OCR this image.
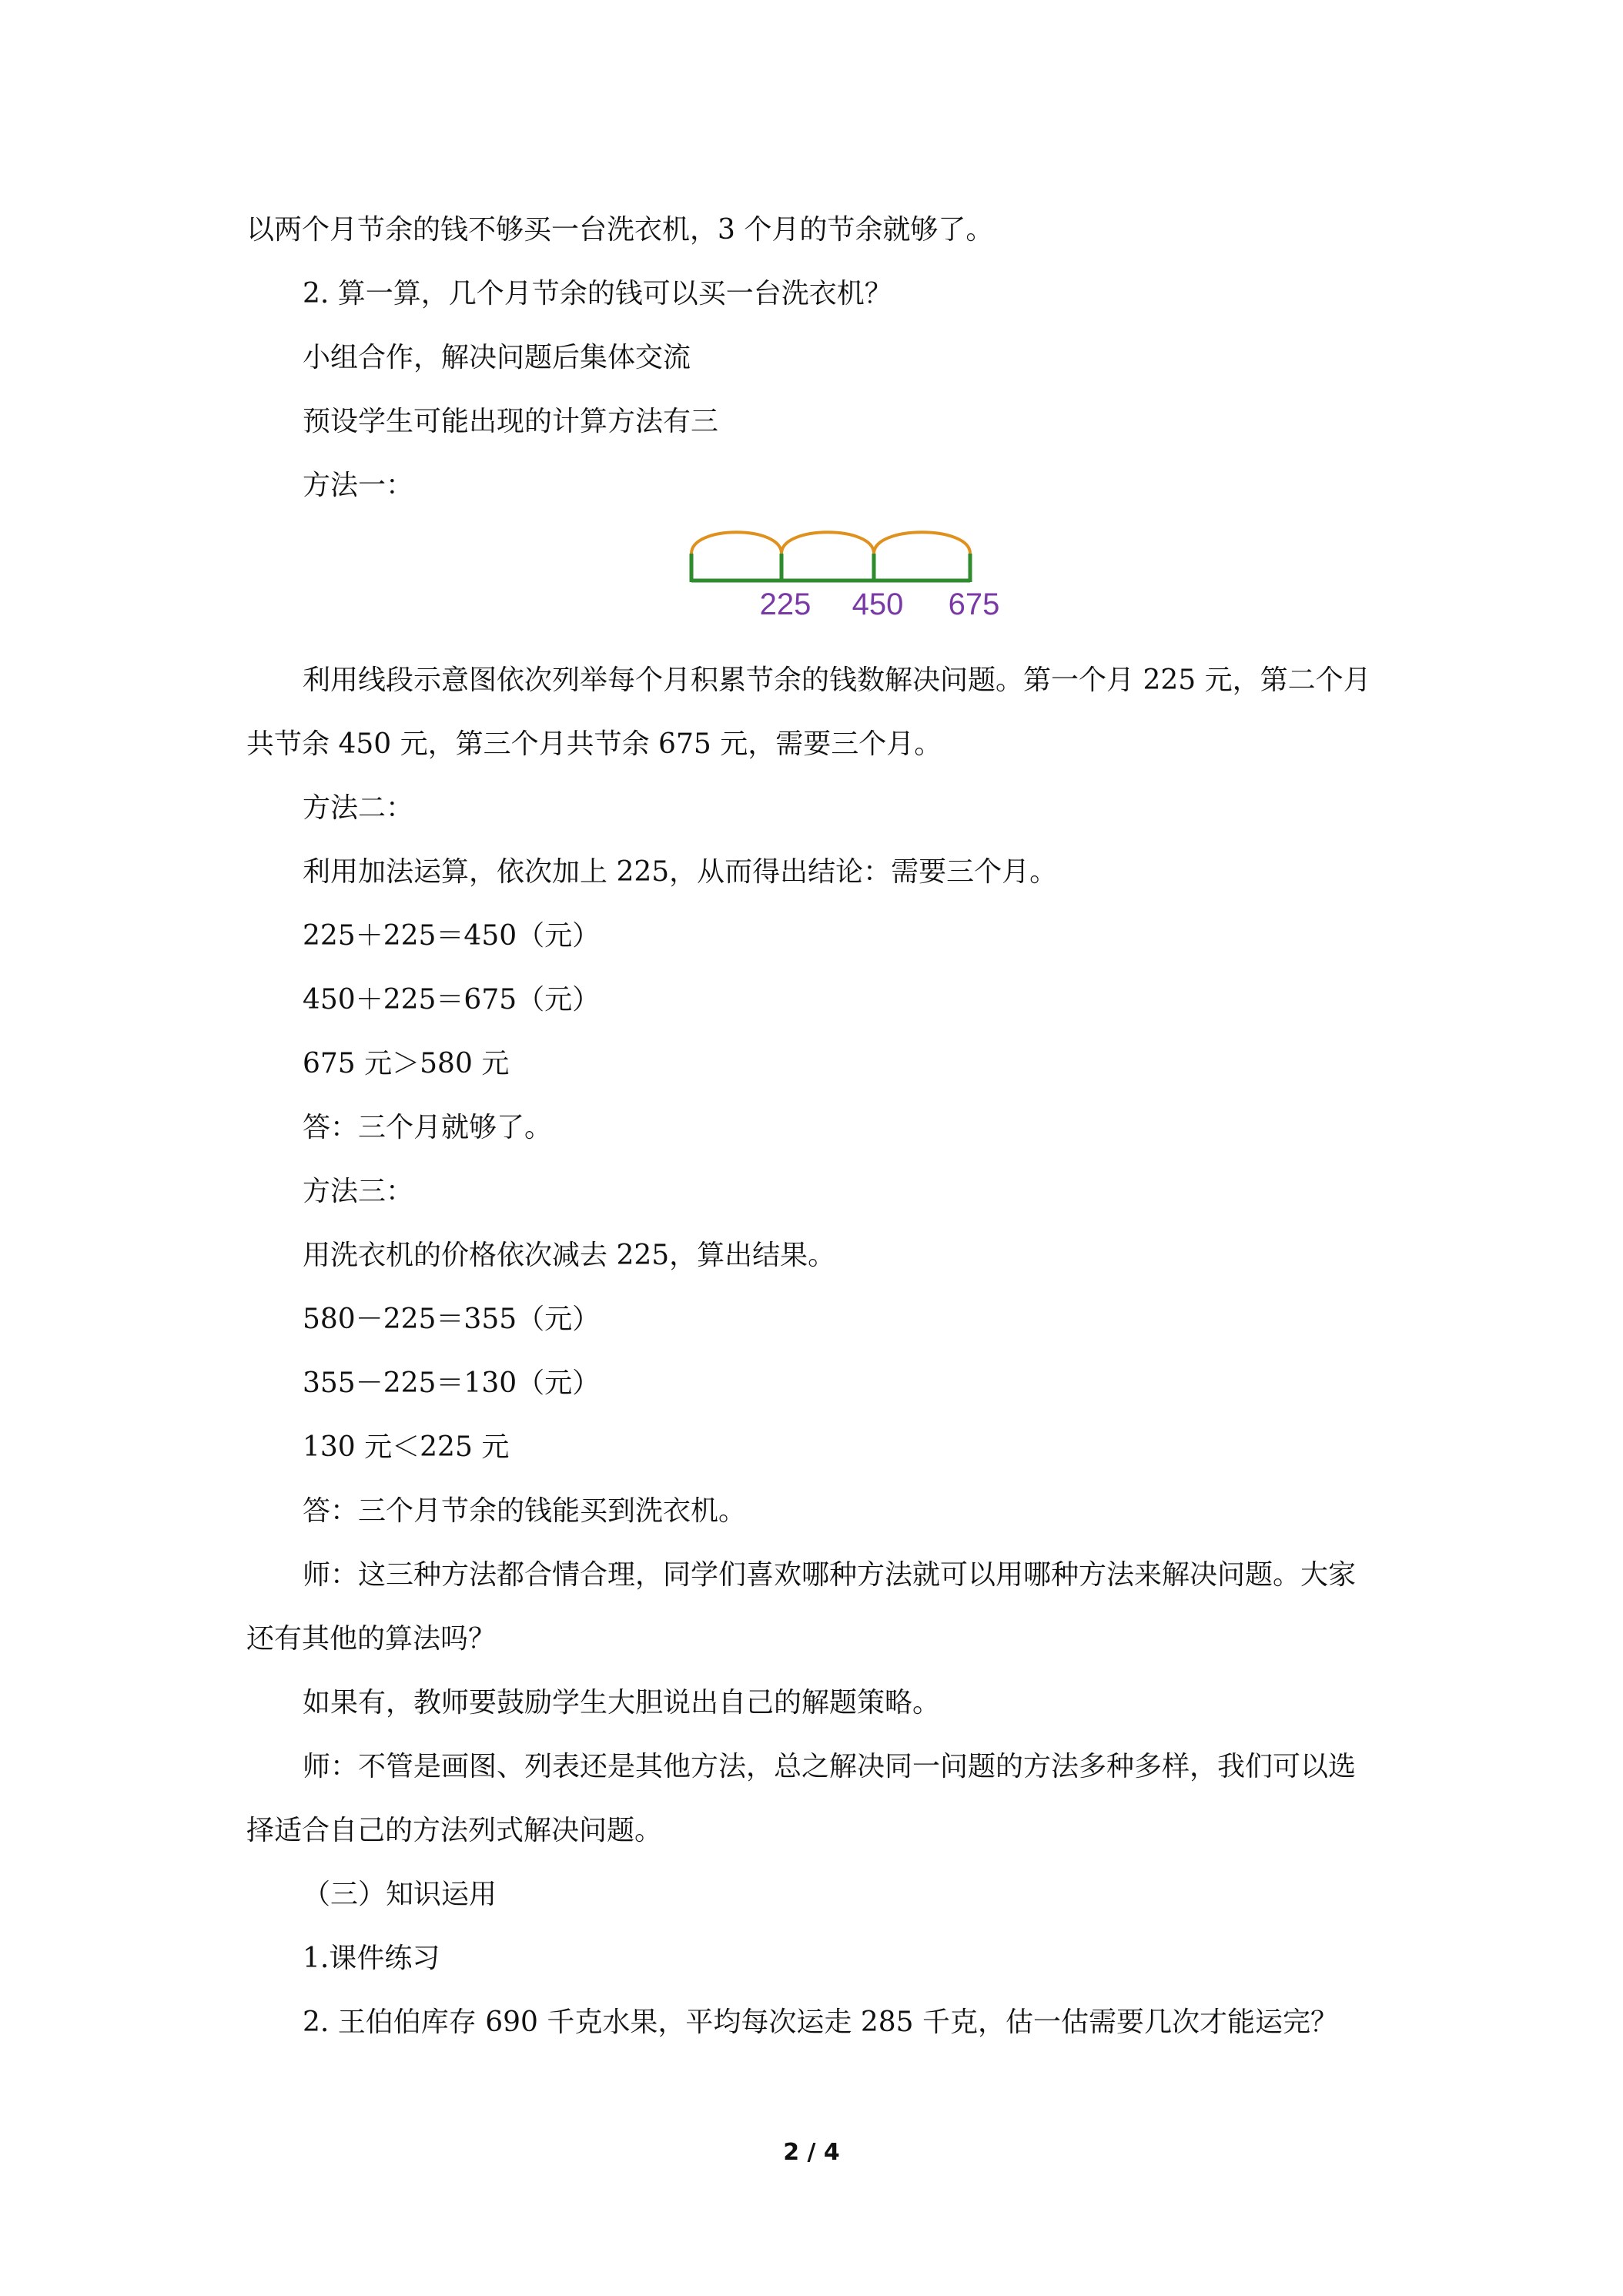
以两个月节余的钱不够买一台洗衣机，3 个月的节余就够了。
2. 算一算，几个月节余的钱可以买一台洗衣机？
小组合作，解决问题后集体交流
预设学生可能出现的计算方法有三
方法一：
225 450 675
利用线段示意图依次列举每个月积累节余的钱数解决问题。第一个月 225 元，第二个月
共节余 450 元，第三个月共节余 675 元，需要三个月。
方法二：
利用加法运算，依次加上 225，从而得出结论：需要三个月。
225＋225＝450（元）
450＋225＝675（元）
675 元＞580 元
答：三个月就够了。
方法三：
用洗衣机的价格依次减去 225，算出结果。
580－225＝355（元）
355－225＝130（元）
130 元＜225 元
答：三个月节余的钱能买到洗衣机。
师：这三种方法都合情合理，同学们喜欢哪种方法就可以用哪种方法来解决问题。大家
还有其他的算法吗？
如果有，教师要鼓励学生大胆说出自己的解题策略。
师：不管是画图、列表还是其他方法，总之解决同一问题的方法多种多样，我们可以选
择适合自己的方法列式解决问题。
（三）知识运用
1.课件练习
2. 王伯伯库存 690 千克水果，平均每次运走 285 千克，估一估需要几次才能运完？
2 / 4
